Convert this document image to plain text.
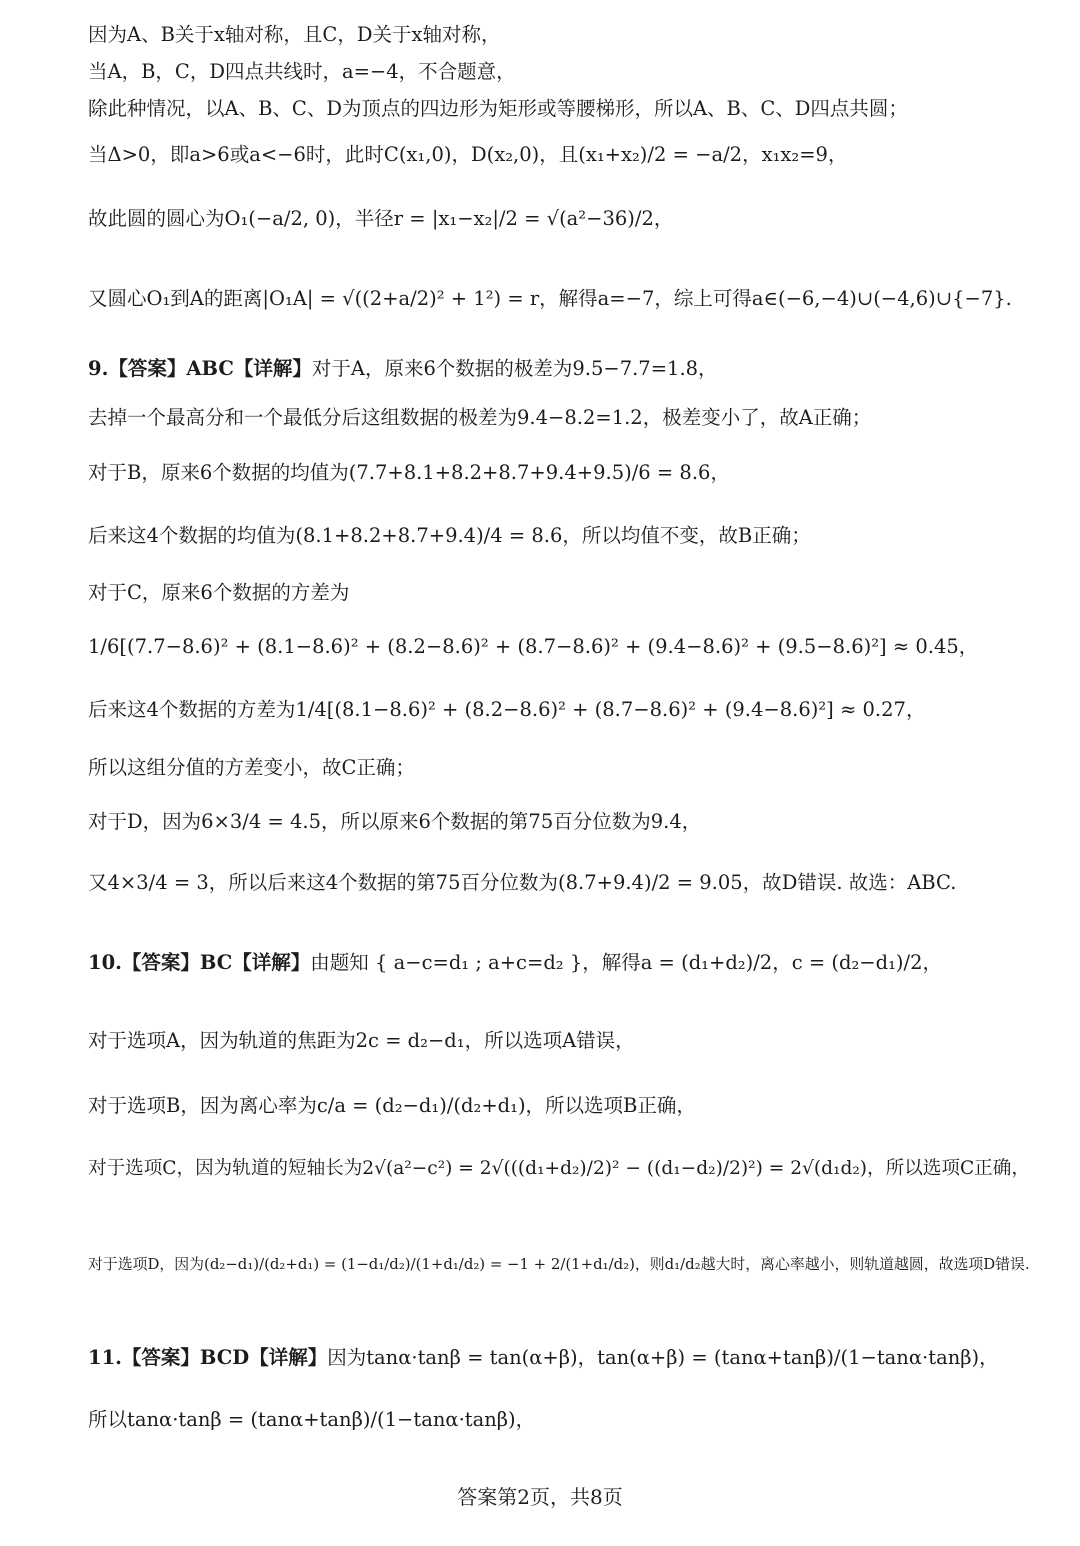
因为A、B关于x轴对称，且C，D关于x轴对称，
当A，B，C，D四点共线时，a=−4，不合题意，
除此种情况，以A、B、C、D为顶点的四边形为矩形或等腰梯形，所以A、B、C、D四点共圆；
当Δ>0，即a>6或a<−6时，此时C(x₁,0)，D(x₂,0)，且(x₁+x₂)/2 = −a/2，x₁x₂=9，
故此圆的圆心为O₁(−a/2, 0)，半径r = |x₁−x₂|/2 = √(a²−36)/2，
又圆心O₁到A的距离|O₁A| = √((2+a/2)² + 1²) = r，解得a=−7，综上可得a∈(−6,−4)∪(−4,6)∪{−7}.
9.【答案】ABC【详解】对于A，原来6个数据的极差为9.5−7.7=1.8，
去掉一个最高分和一个最低分后这组数据的极差为9.4−8.2=1.2，极差变小了，故A正确；
对于B，原来6个数据的均值为(7.7+8.1+8.2+8.7+9.4+9.5)/6 = 8.6，
后来这4个数据的均值为(8.1+8.2+8.7+9.4)/4 = 8.6，所以均值不变，故B正确；
对于C，原来6个数据的方差为
1/6[(7.7−8.6)² + (8.1−8.6)² + (8.2−8.6)² + (8.7−8.6)² + (9.4−8.6)² + (9.5−8.6)²] ≈ 0.45，
后来这4个数据的方差为1/4[(8.1−8.6)² + (8.2−8.6)² + (8.7−8.6)² + (9.4−8.6)²] ≈ 0.27，
所以这组分值的方差变小，故C正确；
对于D，因为6×3/4 = 4.5，所以原来6个数据的第75百分位数为9.4，
又4×3/4 = 3，所以后来这4个数据的第75百分位数为(8.7+9.4)/2 = 9.05，故D错误. 故选：ABC.
10.【答案】BC【详解】由题知 { a−c=d₁ ; a+c=d₂ }，解得a = (d₁+d₂)/2，c = (d₂−d₁)/2，
对于选项A，因为轨道的焦距为2c = d₂−d₁，所以选项A错误，
对于选项B，因为离心率为c/a = (d₂−d₁)/(d₂+d₁)，所以选项B正确，
对于选项C，因为轨道的短轴长为2√(a²−c²) = 2√(((d₁+d₂)/2)² − ((d₁−d₂)/2)²) = 2√(d₁d₂)，所以选项C正确，
对于选项D，因为(d₂−d₁)/(d₂+d₁) = (1−d₁/d₂)/(1+d₁/d₂) = −1 + 2/(1+d₁/d₂)，则d₁/d₂越大时，离心率越小，则轨道越圆，故选项D错误.
11.【答案】BCD【详解】因为tanα·tanβ = tan(α+β)，tan(α+β) = (tanα+tanβ)/(1−tanα·tanβ)，
所以tanα·tanβ = (tanα+tanβ)/(1−tanα·tanβ)，
答案第2页，共8页
